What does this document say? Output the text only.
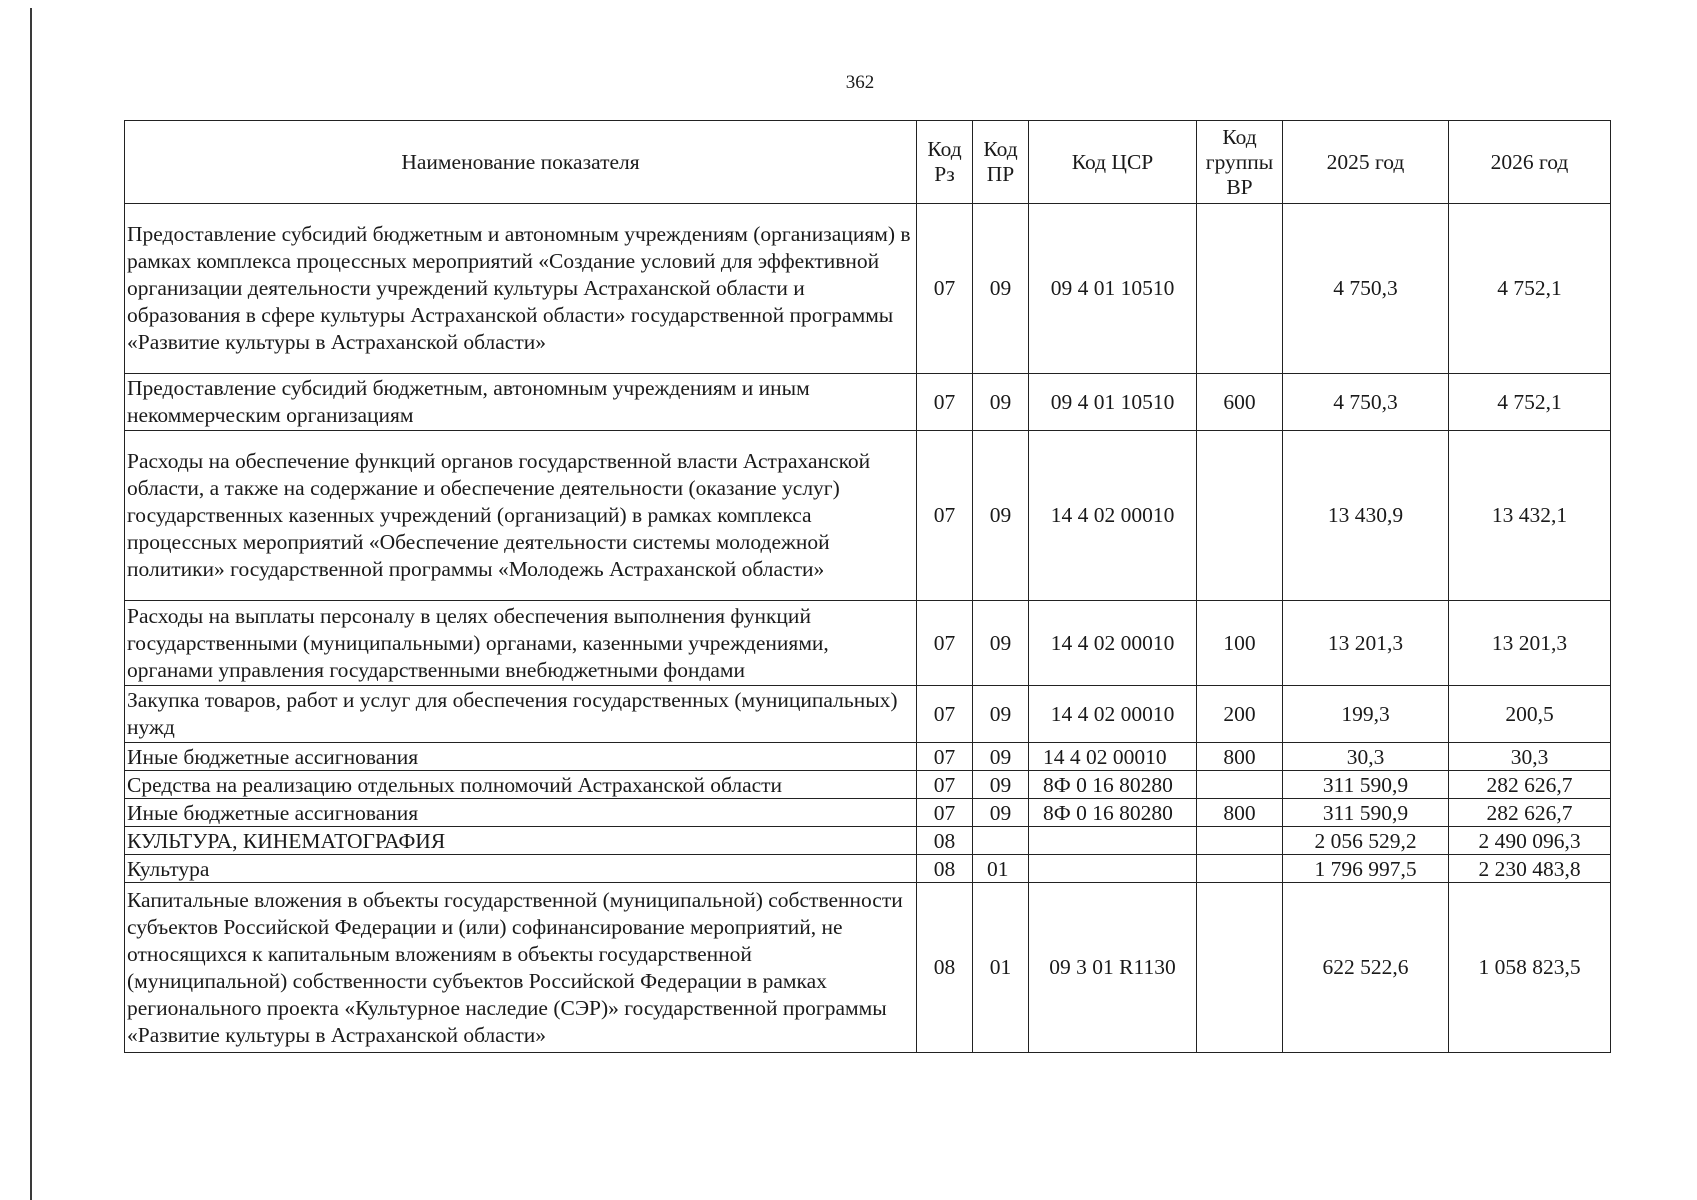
362
Наименование показателя	Код Рз	Код ПР	Код ЦСР	Код группы ВР	2025 год	2026 год
Предоставление субсидий бюджетным и автономным учреждениям (организациям) в рамках комплекса процессных мероприятий «Создание условий для эффективной организации деятельности учреждений культуры Астраханской области и образования в сфере культуры Астраханской области» государственной программы «Развитие культуры в Астраханской области»	07	09	09 4 01 10510		4 750,3	4 752,1
Предоставление субсидий бюджетным, автономным учреждениям и иным некоммерческим организациям	07	09	09 4 01 10510	600	4 750,3	4 752,1
Расходы на обеспечение функций органов государственной власти Астраханской области, а также на содержание и обеспечение деятельности (оказание услуг) государственных казенных учреждений (организаций) в рамках комплекса процессных мероприятий «Обеспечение деятельности системы молодежной политики» государственной программы «Молодежь Астраханской области»	07	09	14 4 02 00010		13 430,9	13 432,1
Расходы на выплаты персоналу в целях обеспечения выполнения функций государственными (муниципальными) органами, казенными учреждениями, органами управления государственными внебюджетными фондами	07	09	14 4 02 00010	100	13 201,3	13 201,3
Закупка товаров, работ и услуг для обеспечения государственных (муниципальных) нужд	07	09	14 4 02 00010	200	199,3	200,5
Иные бюджетные ассигнования	07	09	14 4 02 00010	800	30,3	30,3
Средства на реализацию отдельных полномочий Астраханской области	07	09	8Ф 0 16 80280		311 590,9	282 626,7
Иные бюджетные ассигнования	07	09	8Ф 0 16 80280	800	311 590,9	282 626,7
КУЛЬТУРА, КИНЕМАТОГРАФИЯ	08				2 056 529,2	2 490 096,3
Культура	08	01			1 796 997,5	2 230 483,8
Капитальные вложения в объекты государственной (муниципальной) собственности субъектов Российской Федерации и (или) софинансирование мероприятий, не относящихся к капитальным вложениям в объекты государственной (муниципальной) собственности субъектов Российской Федерации в рамках регионального проекта «Культурное наследие (СЭР)» государственной программы «Развитие культуры в Астраханской области»	08	01	09 3 01 R1130		622 522,6	1 058 823,5
